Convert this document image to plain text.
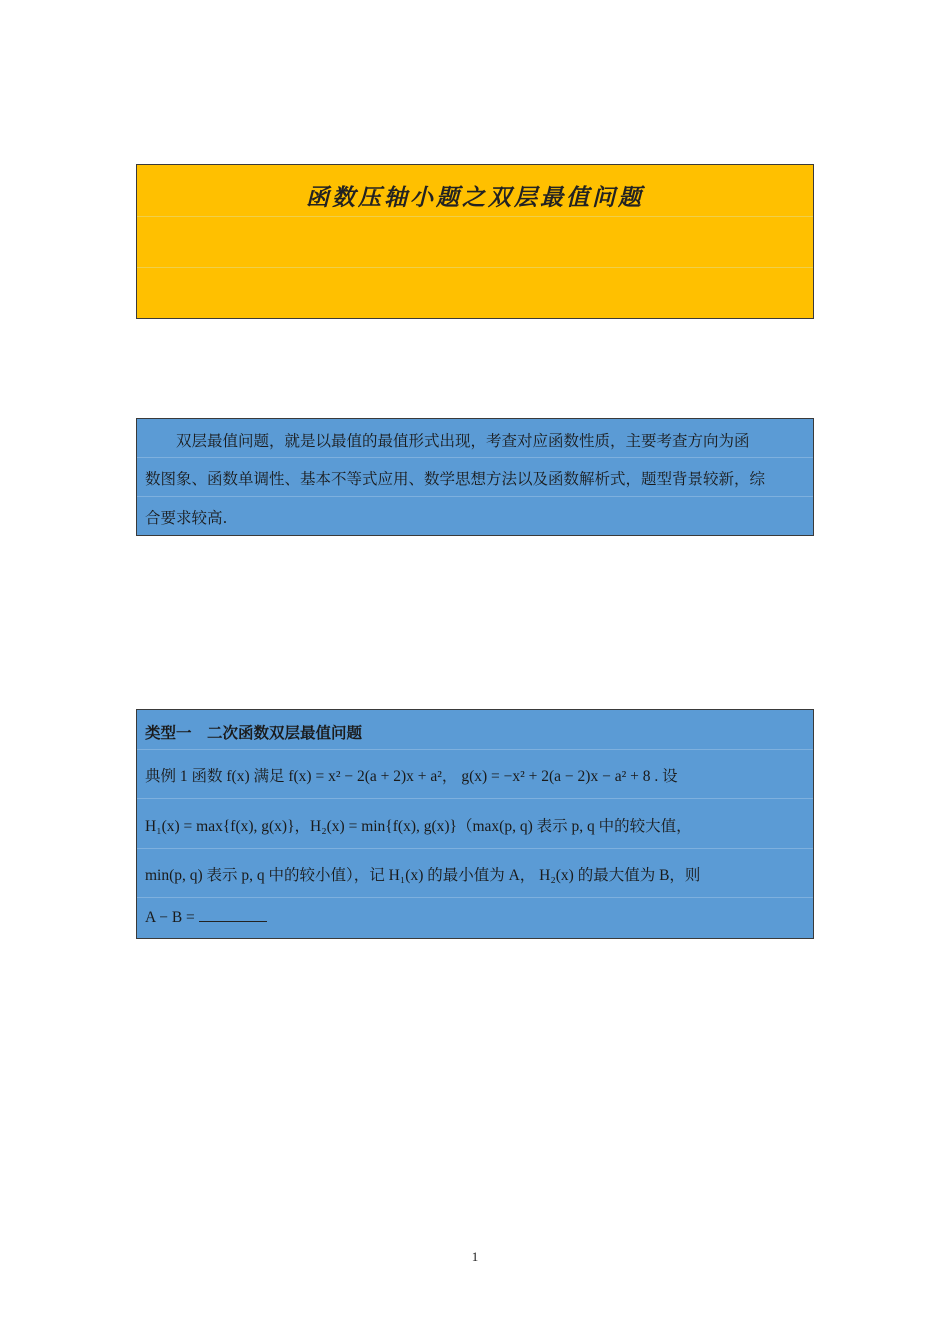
函数压轴小题之双层最值问题
　　双层最值问题，就是以最值的最值形式出现，考查对应函数性质，主要考查方向为函
数图象、函数单调性、基本不等式应用、数学思想方法以及函数解析式，题型背景较新，综
合要求较高.
类型一　二次函数双层最值问题
典例 1 函数 f(x) 满足 f(x) = x² − 2(a + 2)x + a²， g(x) = −x² + 2(a − 2)x − a² + 8 . 设
H₁(x) = max{f(x), g(x)}，H₂(x) = min{f(x), g(x)}（max(p, q) 表示 p, q 中的较大值，
min(p, q) 表示 p, q 中的较小值），记 H₁(x) 的最小值为 A， H₂(x) 的最大值为 B，则
A − B =
1
